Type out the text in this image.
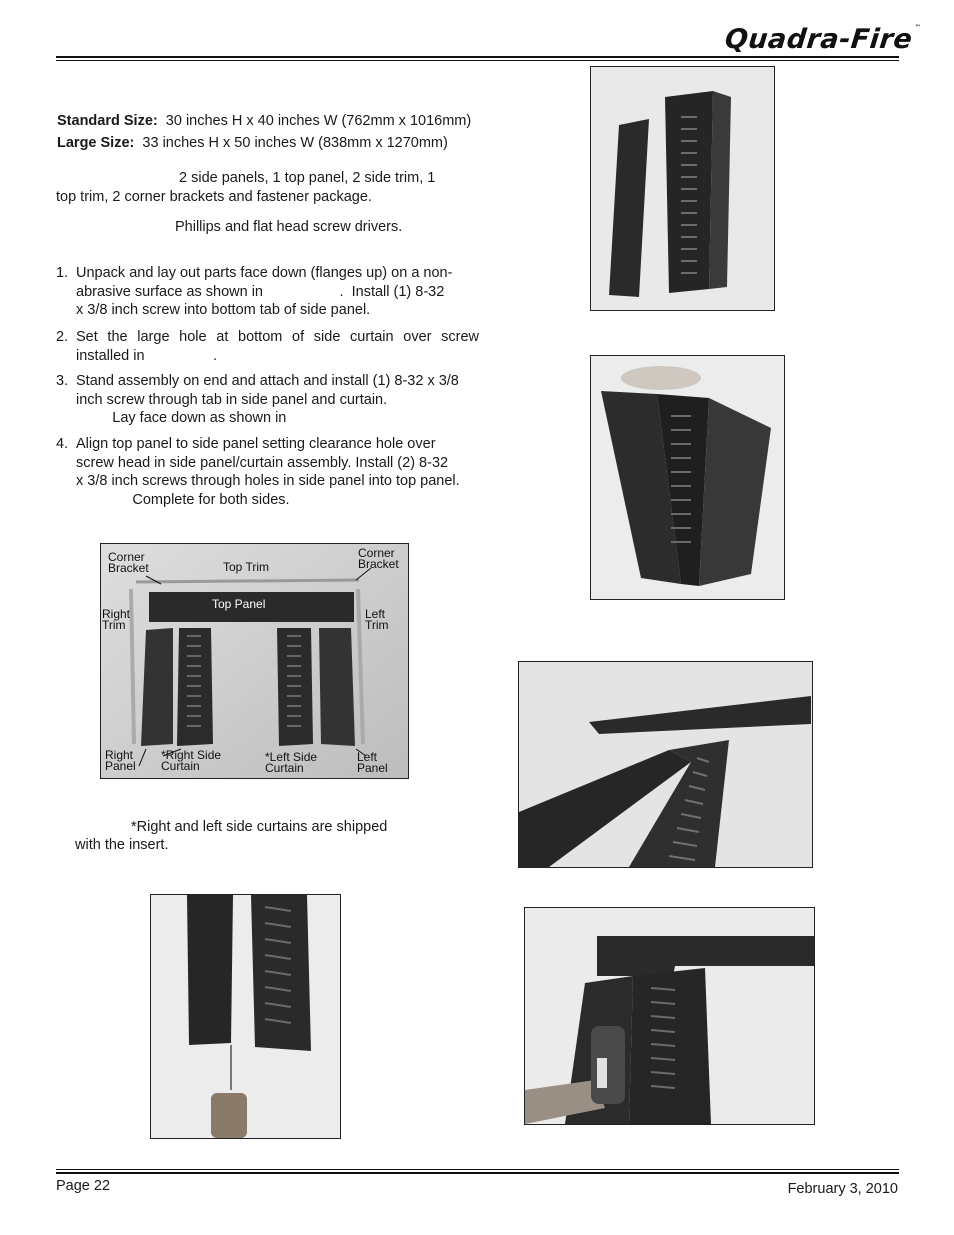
Quadra-Fire™
Standard Size: 30 inches H x 40 inches W (762mm x 1016mm)
Large Size: 33 inches H x 50 inches W (838mm x 1270mm)
2 side panels, 1 top panel, 2 side trim, 1
top trim, 2 corner brackets and fastener package.
Phillips and flat head screw drivers.
1. Unpack and lay out parts face down (flanges up) on a non-
abrasive surface as shown in                   .  Install (1) 8-32
x 3/8 inch screw into bottom tab of side panel.
2. Set the large hole at bottom of side curtain over screw
installed in                 .
3. Stand assembly on end and attach and install (1) 8-32 x 3/8
inch screw through tab in side panel and curtain.
Lay face down as shown in
4. Align top panel to side panel setting clearance hole over
screw head in side panel/curtain assembly. Install (2) 8-32
x 3/8 inch screws through holes in side panel into top panel.
Complete for both sides.
Corner
Bracket	Top Trim
Corner
Bracket
Top Panel
Right
Trim
Left
Trim
Right
Panel
*Right Side
Curtain
*Left Side
Curtain
Left
Panel
*Right and left side curtains are shipped
with the insert.
Page 22	February 3, 2010
